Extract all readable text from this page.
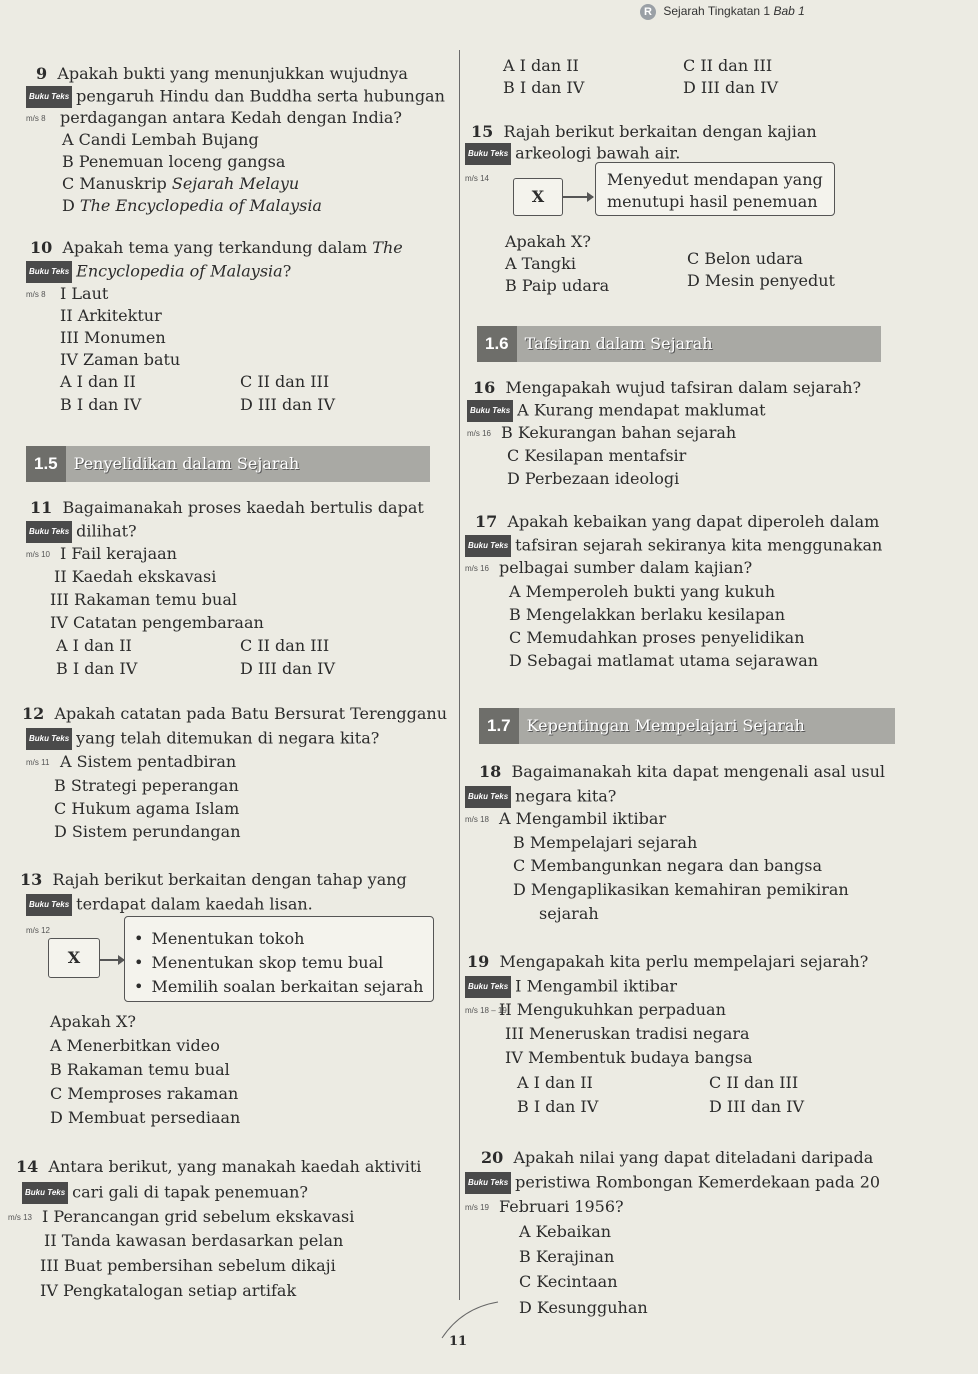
R Sejarah Tingkatan 1 Bab 1
9 Apakah bukti yang menunjukkan wujudnya
Buku Teks pengaruh Hindu dan Buddha serta hubungan
m/s 8 perdagangan antara Kedah dengan India?
A Candi Lembah Bujang
B Penemuan loceng gangsa
C Manuskrip Sejarah Melayu
D The Encyclopedia of Malaysia
10 Apakah tema yang terkandung dalam The
Buku Teks Encyclopedia of Malaysia?
m/s 8 I Laut
II Arkitektur
III Monumen
IV Zaman batu
A I dan II	C II dan III
B I dan IV	D III dan IV
1.5 Penyelidikan dalam Sejarah
11 Bagaimanakah proses kaedah bertulis dapat
Buku Teks dilihat?
m/s 10 I Fail kerajaan
II Kaedah ekskavasi
III Rakaman temu bual
IV Catatan pengembaraan
A I dan II	C II dan III
B I dan IV	D III dan IV
12 Apakah catatan pada Batu Bersurat Terengganu
Buku Teks yang telah ditemukan di negara kita?
m/s 11 A Sistem pentadbiran
B Strategi peperangan
C Hukum agama Islam
D Sistem perundangan
13 Rajah berikut berkaitan dengan tahap yang
Buku Teks terdapat dalam kaedah lisan.
m/s 12
X
• Menentukan tokoh
• Menentukan skop temu bual
• Memilih soalan berkaitan sejarah
Apakah X?
A Menerbitkan video
B Rakaman temu bual
C Memproses rakaman
D Membuat persediaan
14 Antara berikut, yang manakah kaedah aktiviti
Buku Teks cari gali di tapak penemuan?
m/s 13 I Perancangan grid sebelum ekskavasi
II Tanda kawasan berdasarkan pelan
III Buat pembersihan sebelum dikaji
IV Pengkatalogan setiap artifak
A I dan II	C II dan III
B I dan IV	D III dan IV
15 Rajah berikut berkaitan dengan kajian
Buku Teks arkeologi bawah air.
m/s 14
X
Menyedut mendapan yang
menutupi hasil penemuan
Apakah X?
A Tangki	C Belon udara
B Paip udara	D Mesin penyedut
1.6 Tafsiran dalam Sejarah
16 Mengapakah wujud tafsiran dalam sejarah?
Buku Teks A Kurang mendapat maklumat
m/s 16 B Kekurangan bahan sejarah
C Kesilapan mentafsir
D Perbezaan ideologi
17 Apakah kebaikan yang dapat diperoleh dalam
Buku Teks tafsiran sejarah sekiranya kita menggunakan
m/s 16 pelbagai sumber dalam kajian?
A Memperoleh bukti yang kukuh
B Mengelakkan berlaku kesilapan
C Memudahkan proses penyelidikan
D Sebagai matlamat utama sejarawan
1.7 Kepentingan Mempelajari Sejarah
18 Bagaimanakah kita dapat mengenali asal usul
Buku Teks negara kita?
m/s 18 A Mengambil iktibar
B Mempelajari sejarah
C Membangunkan negara dan bangsa
D Mengaplikasikan kemahiran pemikiran
sejarah
19 Mengapakah kita perlu mempelajari sejarah?
Buku Teks I Mengambil iktibar
m/s 18 – 19II Mengukuhkan perpaduan
III Meneruskan tradisi negara
IV Membentuk budaya bangsa
A I dan II	C II dan III
B I dan IV	D III dan IV
20 Apakah nilai yang dapat diteladani daripada
Buku Teks peristiwa Rombongan Kemerdekaan pada 20
m/s 19 Februari 1956?
A Kebaikan
B Kerajinan
C Kecintaan
D Kesungguhan
11
